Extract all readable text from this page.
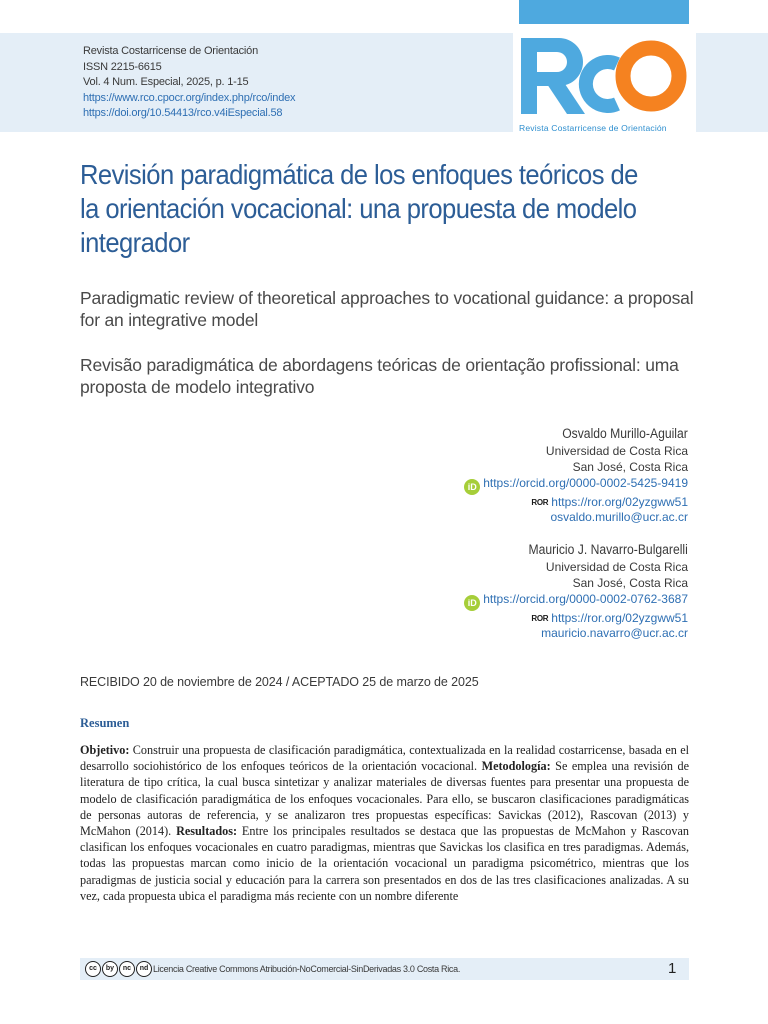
Revista Costarricense de Orientación
ISSN 2215-6615
Vol. 4 Num. Especial, 2025, p. 1-15
https://www.rco.cpocr.org/index.php/rco/index
https://doi.org/10.54413/rco.v4iEspecial.58
Revista Costarricense de Orientación
Revisión paradigmática de los enfoques teóricos de la orientación vocacional: una propuesta de modelo integrador
Paradigmatic review of theoretical approaches to vocational guidance: a proposal for an integrative model
Revisão paradigmática de abordagens teóricas de orientação profissional: uma proposta de modelo integrativo
Osvaldo Murillo-Aguilar
Universidad de Costa Rica
San José, Costa Rica
iD https://orcid.org/0000-0002-5425-9419
ROR https://ror.org/02yzgww51
osvaldo.murillo@ucr.ac.cr
Mauricio J. Navarro-Bulgarelli
Universidad de Costa Rica
San José, Costa Rica
iD https://orcid.org/0000-0002-0762-3687
ROR https://ror.org/02yzgww51
mauricio.navarro@ucr.ac.cr
RECIBIDO 20 de noviembre de 2024 / ACEPTADO 25 de marzo de 2025
Resumen

Objetivo: Construir una propuesta de clasificación paradigmática, contextualizada en la realidad costarricense, basada en el desarrollo sociohistórico de los enfoques teóricos de la orientación vocacional. Metodología: Se emplea una revisión de literatura de tipo crítica, la cual busca sintetizar y analizar materiales de diversas fuentes para presentar una propuesta de modelo de clasificación paradigmática de los enfoques vocacionales. Para ello, se buscaron clasificaciones paradigmáticas de personas autoras de referencia, y se analizaron tres propuestas específicas: Savickas (2012), Rascovan (2013) y McMahon (2014). Resultados: Entre los principales resultados se destaca que las propuestas de McMahon y Rascovan clasifican los enfoques vocacionales en cuatro paradigmas, mientras que Savickas los clasifica en tres paradigmas. Además, todas las propuestas marcan como inicio de la orientación vocacional un paradigma psicométrico, mientras que los paradigmas de justicia social y educación para la carrera son presentados en dos de las tres clasificaciones analizadas. A su vez, cada propuesta ubica el paradigma más reciente con un nombre diferente

cc	by	nc	nd Licencia Creative Commons Atribución-NoComercial-SinDerivadas 3.0 Costa Rica.	1
